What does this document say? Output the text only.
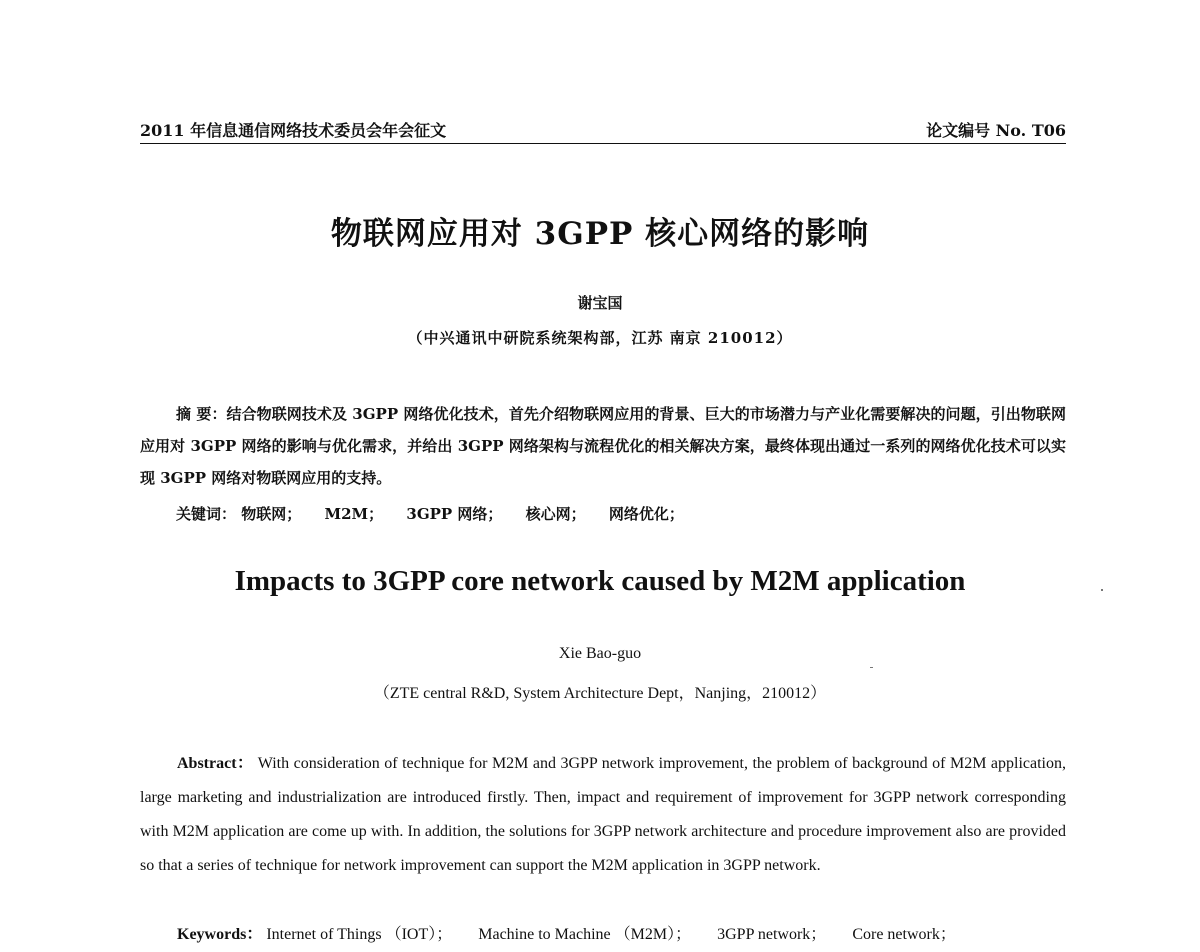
2011 年信息通信网络技术委员会年会征文	论文编号 No. T06
物联网应用对 3GPP 核心网络的影响
谢宝国
（中兴通讯中研院系统架构部，江苏 南京 210012）
摘 要：结合物联网技术及 3GPP 网络优化技术，首先介绍物联网应用的背景、巨大的市场潜力与产业化需要解决的问题，引出物联网应用对 3GPP 网络的影响与优化需求，并给出 3GPP 网络架构与流程优化的相关解决方案，最终体现出通过一系列的网络优化技术可以实现 3GPP 网络对物联网应用的支持。
关键词： 物联网； M2M； 3GPP 网络； 核心网； 网络优化；
Impacts to 3GPP core network caused by M2M application
Xie Bao-guo
（ZTE central R&D, System Architecture Dept，Nanjing，210012）
Abstract： With consideration of technique for M2M and 3GPP network improvement, the problem of background of M2M application, large marketing and industrialization are introduced firstly. Then, impact and requirement of improvement for 3GPP network corresponding with M2M application are come up with. In addition, the solutions for 3GPP network architecture and procedure improvement also are provided so that a series of technique for network improvement can support the M2M application in 3GPP network.
Keywords： Internet of Things （IOT）； Machine to Machine （M2M）； 3GPP network； Core network；
